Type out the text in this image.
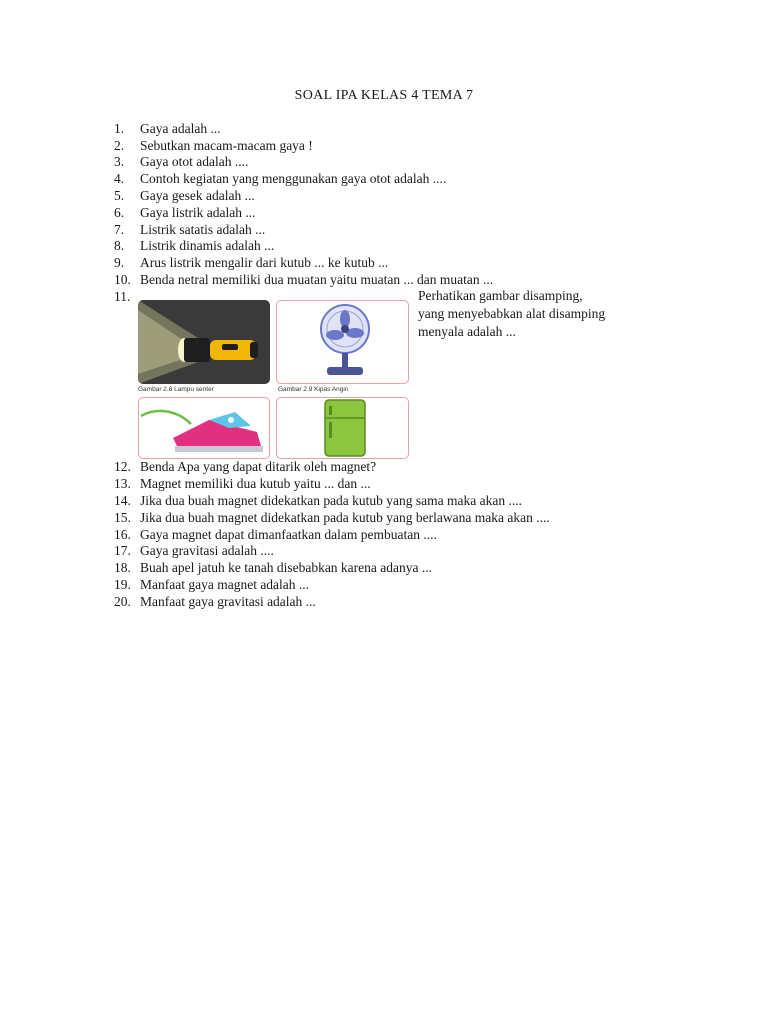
SOAL IPA KELAS 4 TEMA 7
1. Gaya adalah ...
2. Sebutkan macam-macam gaya !
3. Gaya otot adalah ....
4. Contoh kegiatan yang menggunakan gaya otot adalah ....
5. Gaya gesek adalah ...
6. Gaya listrik adalah ...
7. Listrik satatis adalah ...
8. Listrik dinamis adalah ...
9. Arus listrik mengalir dari kutub ... ke kutub ...
10. Benda netral memiliki dua muatan yaitu muatan ... dan muatan ...
11.
12. Benda Apa yang dapat ditarik oleh magnet?
13. Magnet memiliki dua kutub yaitu ... dan ...
14. Jika dua buah magnet didekatkan pada kutub yang sama maka akan ....
15. Jika dua buah magnet didekatkan pada kutub yang berlawana maka akan ....
16. Gaya magnet dapat dimanfaatkan dalam pembuatan ....
17. Gaya gravitasi adalah ....
18. Buah apel jatuh ke tanah disebabkan karena adanya ...
19. Manfaat gaya magnet adalah ...
20. Manfaat gaya gravitasi adalah ...
Gambar 2.8 Lampu senter	Gambar 2.9 Kipas Angin
Perhatikan gambar disamping,
yang menyebabkan alat disamping
menyala adalah ...
